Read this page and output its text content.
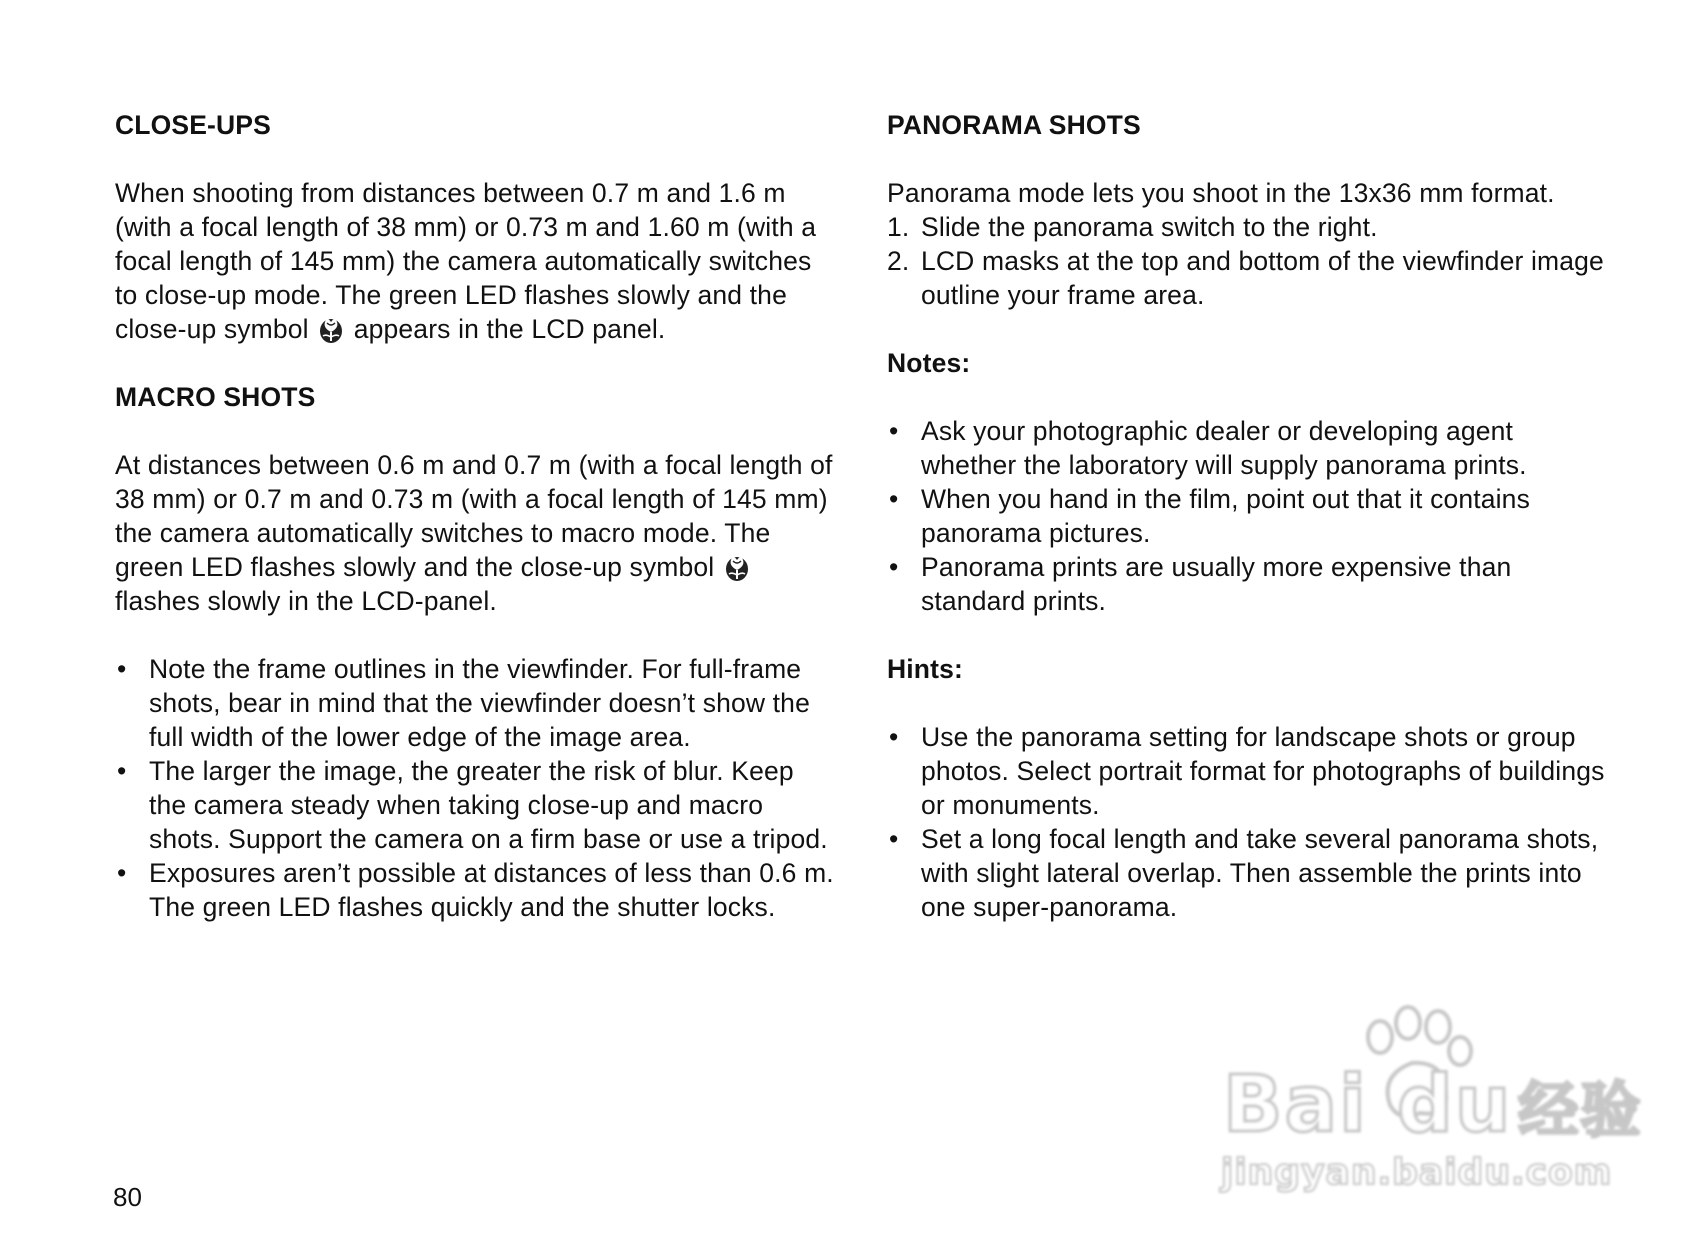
CLOSE-UPS

When shooting from distances between 0.7 m and 1.6 m (with a focal length of 38 mm) or 0.73 m and 1.60 m (with a focal length of 145 mm) the camera automatically switches to close-up mode. The green LED flashes slowly and the close-up symbol appears in the LCD panel.

MACRO SHOTS

At distances between 0.6 m and 0.7 m (with a focal length of 38 mm) or 0.7 m and 0.73 m (with a focal length of 145 mm) the camera automatically switches to macro mode. The green LED flashes slowly and the close-up symbol  flashes slowly in the LCD-panel.

• Note the frame outlines in the viewfinder. For full-frame shots, bear in mind that the viewfinder doesn’t show the full width of the lower edge of the image area.
• The larger the image, the greater the risk of blur. Keep the camera steady when taking close-up and macro shots. Support the camera on a firm base or use a tripod.
• Exposures aren’t possible at distances of less than 0.6 m. The green LED flashes quickly and the shutter locks.
PANORAMA SHOTS

Panorama mode lets you shoot in the 13x36 mm format.

1. Slide the panorama switch to the right.
2. LCD masks at the top and bottom of the viewfinder image outline your frame area.
Notes:
• Ask your photographic dealer or developing agent whether the laboratory will supply panorama prints.
• When you hand in the film, point out that it contains panorama pictures.
• Panorama prints are usually more expensive than standard prints.
Hints:
• Use the panorama setting for landscape shots or group photos. Select portrait format for photographs of buildings or monuments.
• Set a long focal length and take several panorama shots, with slight lateral overlap. Then assemble the prints into one super-panorama.
80
Bai du 经验
jingyan.baidu.com
